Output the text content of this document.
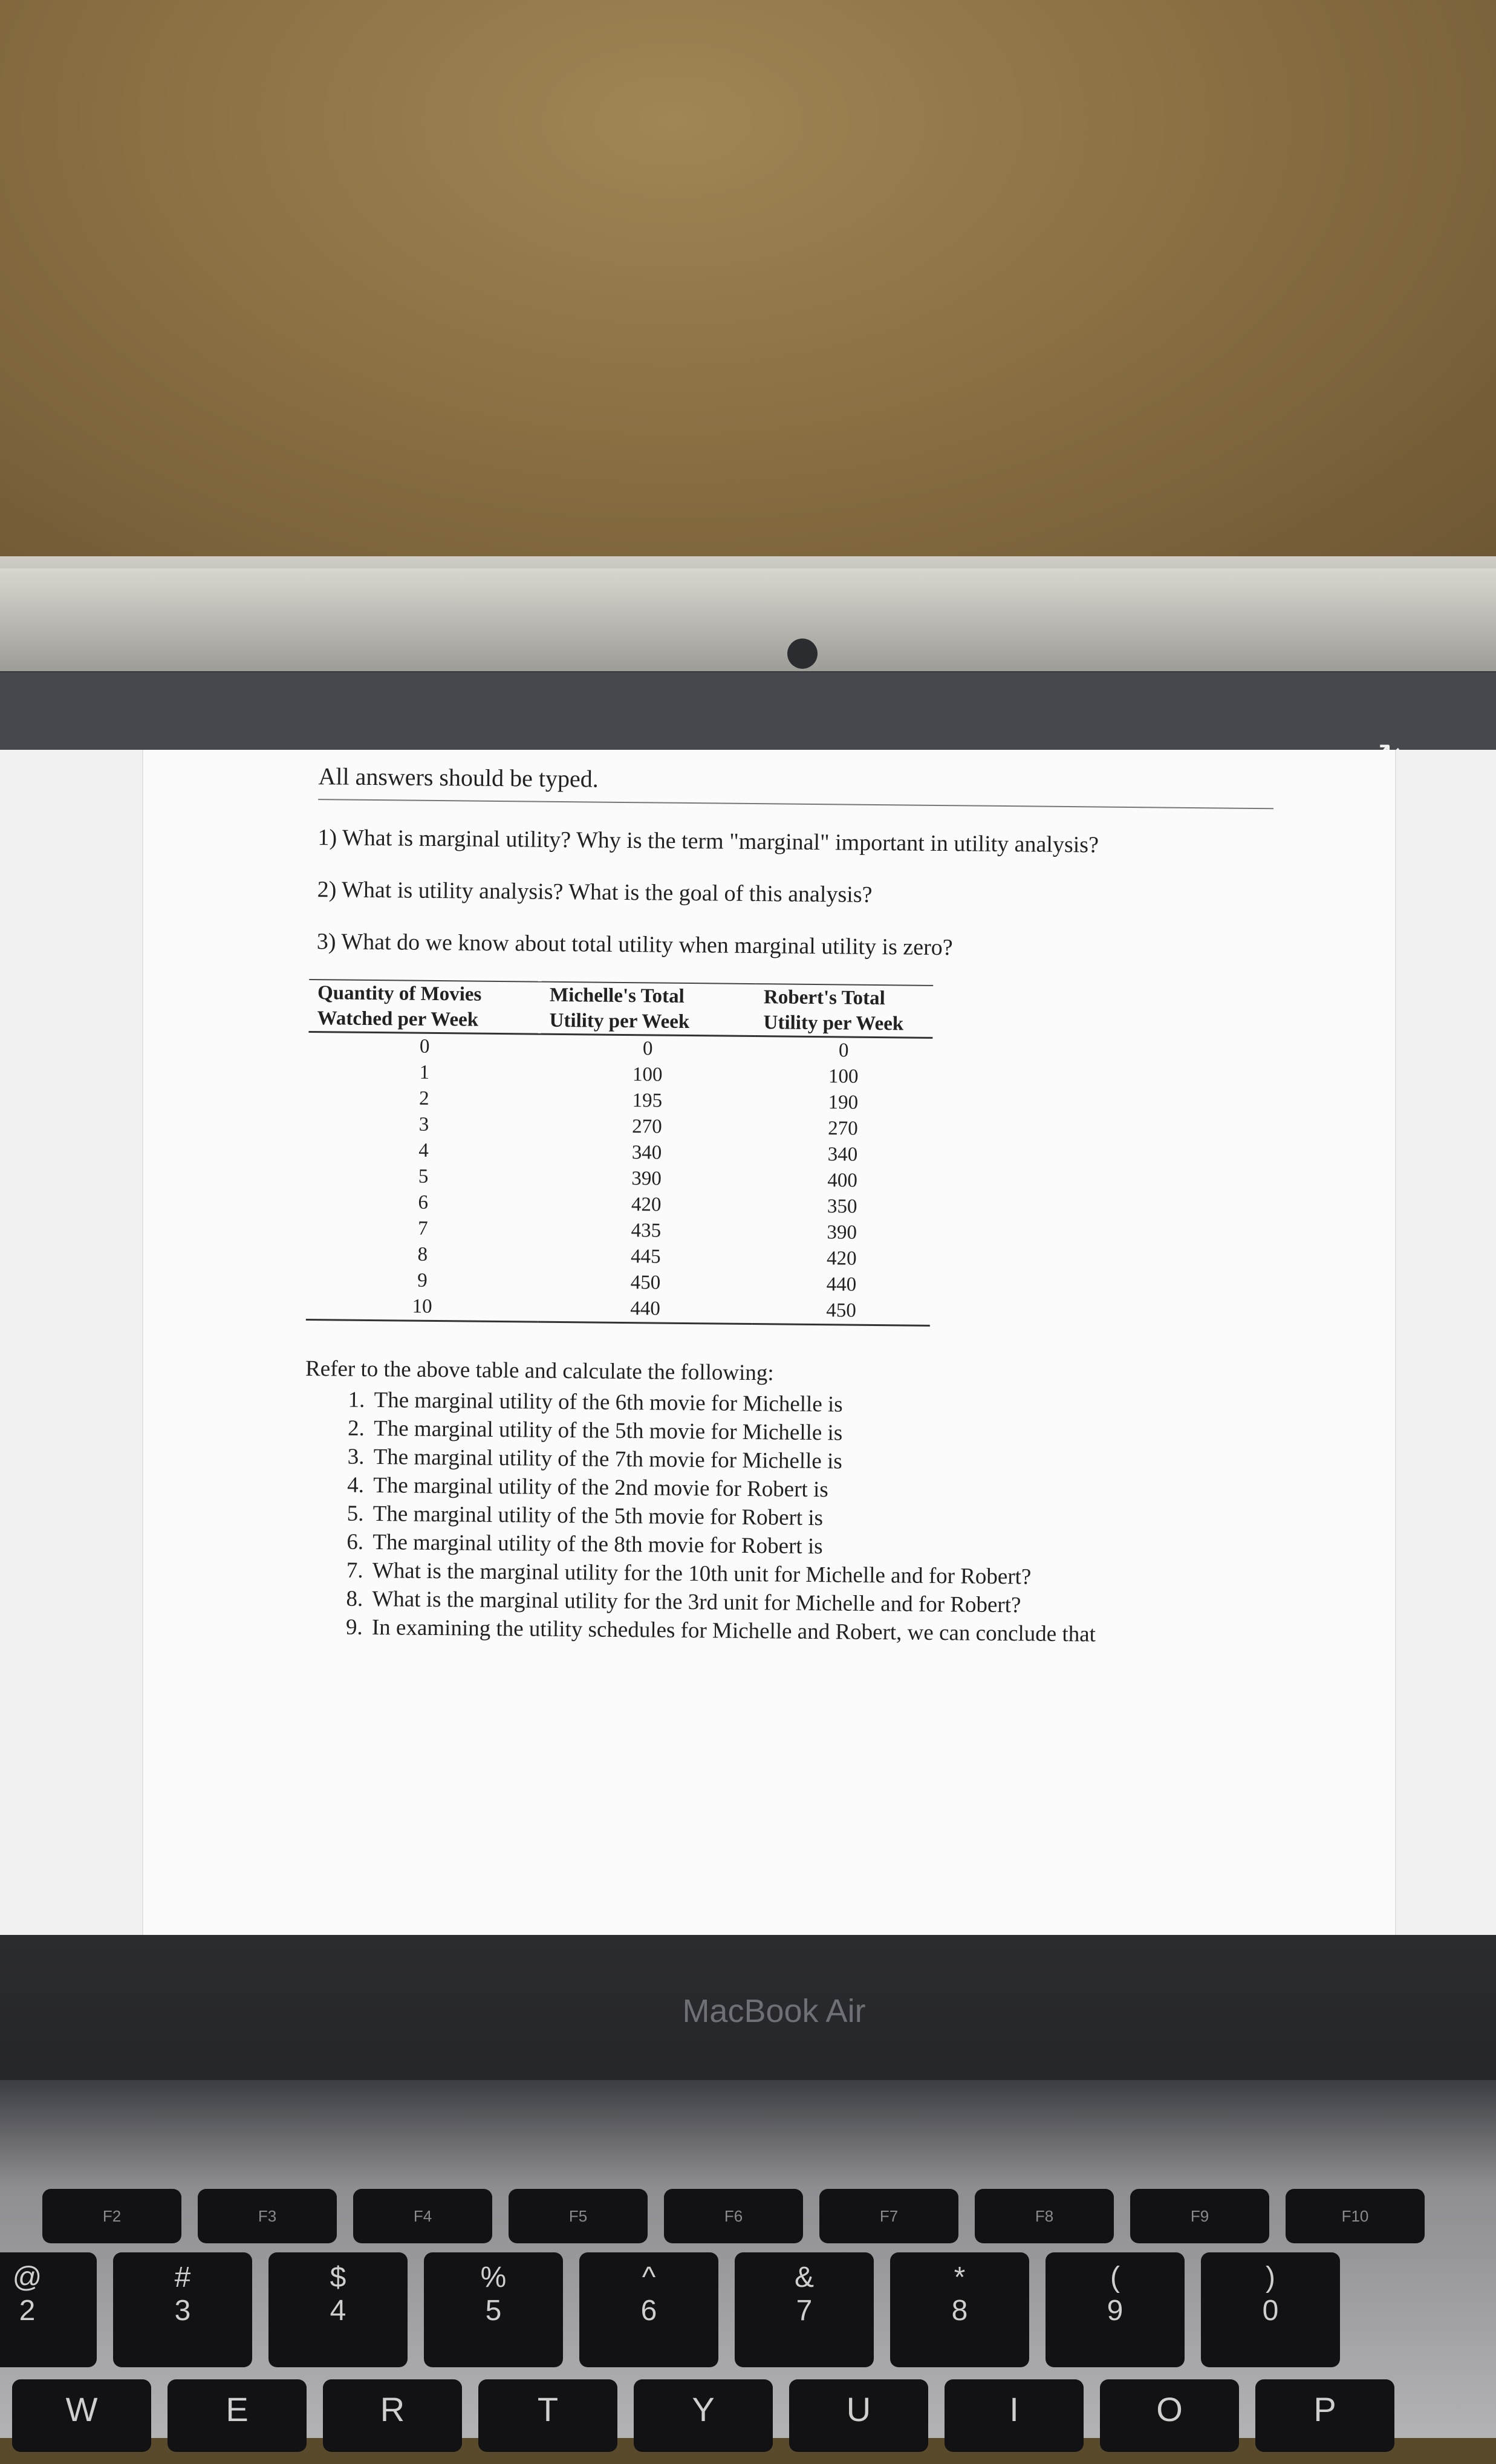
All answers should be typed.
1) What is marginal utility? Why is the term "marginal" important in utility analysis?
2) What is utility analysis? What is the goal of this analysis?
3) What do we know about total utility when marginal utility is zero?
Quantity of Movies Watched per Week	Michelle's Total Utility per Week	Robert's Total Utility per Week
0	0	0
1	100	100
2	195	190
3	270	270
4	340	340
5	390	400
6	420	350
7	435	390
8	445	420
9	450	440
10	440	450
Refer to the above table and calculate the following:
1. The marginal utility of the 6th movie for Michelle is
2. The marginal utility of the 5th movie for Michelle is
3. The marginal utility of the 7th movie for Michelle is
4. The marginal utility of the 2nd movie for Robert is
5. The marginal utility of the 5th movie for Robert is
6. The marginal utility of the 8th movie for Robert is
7. What is the marginal utility for the 10th unit for Michelle and for Robert?
8. What is the marginal utility for the 3rd unit for Michelle and for Robert?
9. In examining the utility schedules for Michelle and Robert, we can conclude that
MacBook Air
F2	F3	F4	F5	F6	F7	F8	F9	F10
@
2
#
3
$
4
%
5
^
6
&
7
*
8
(
9
)
0
W	E	R	T	Y	U	I	O	P
